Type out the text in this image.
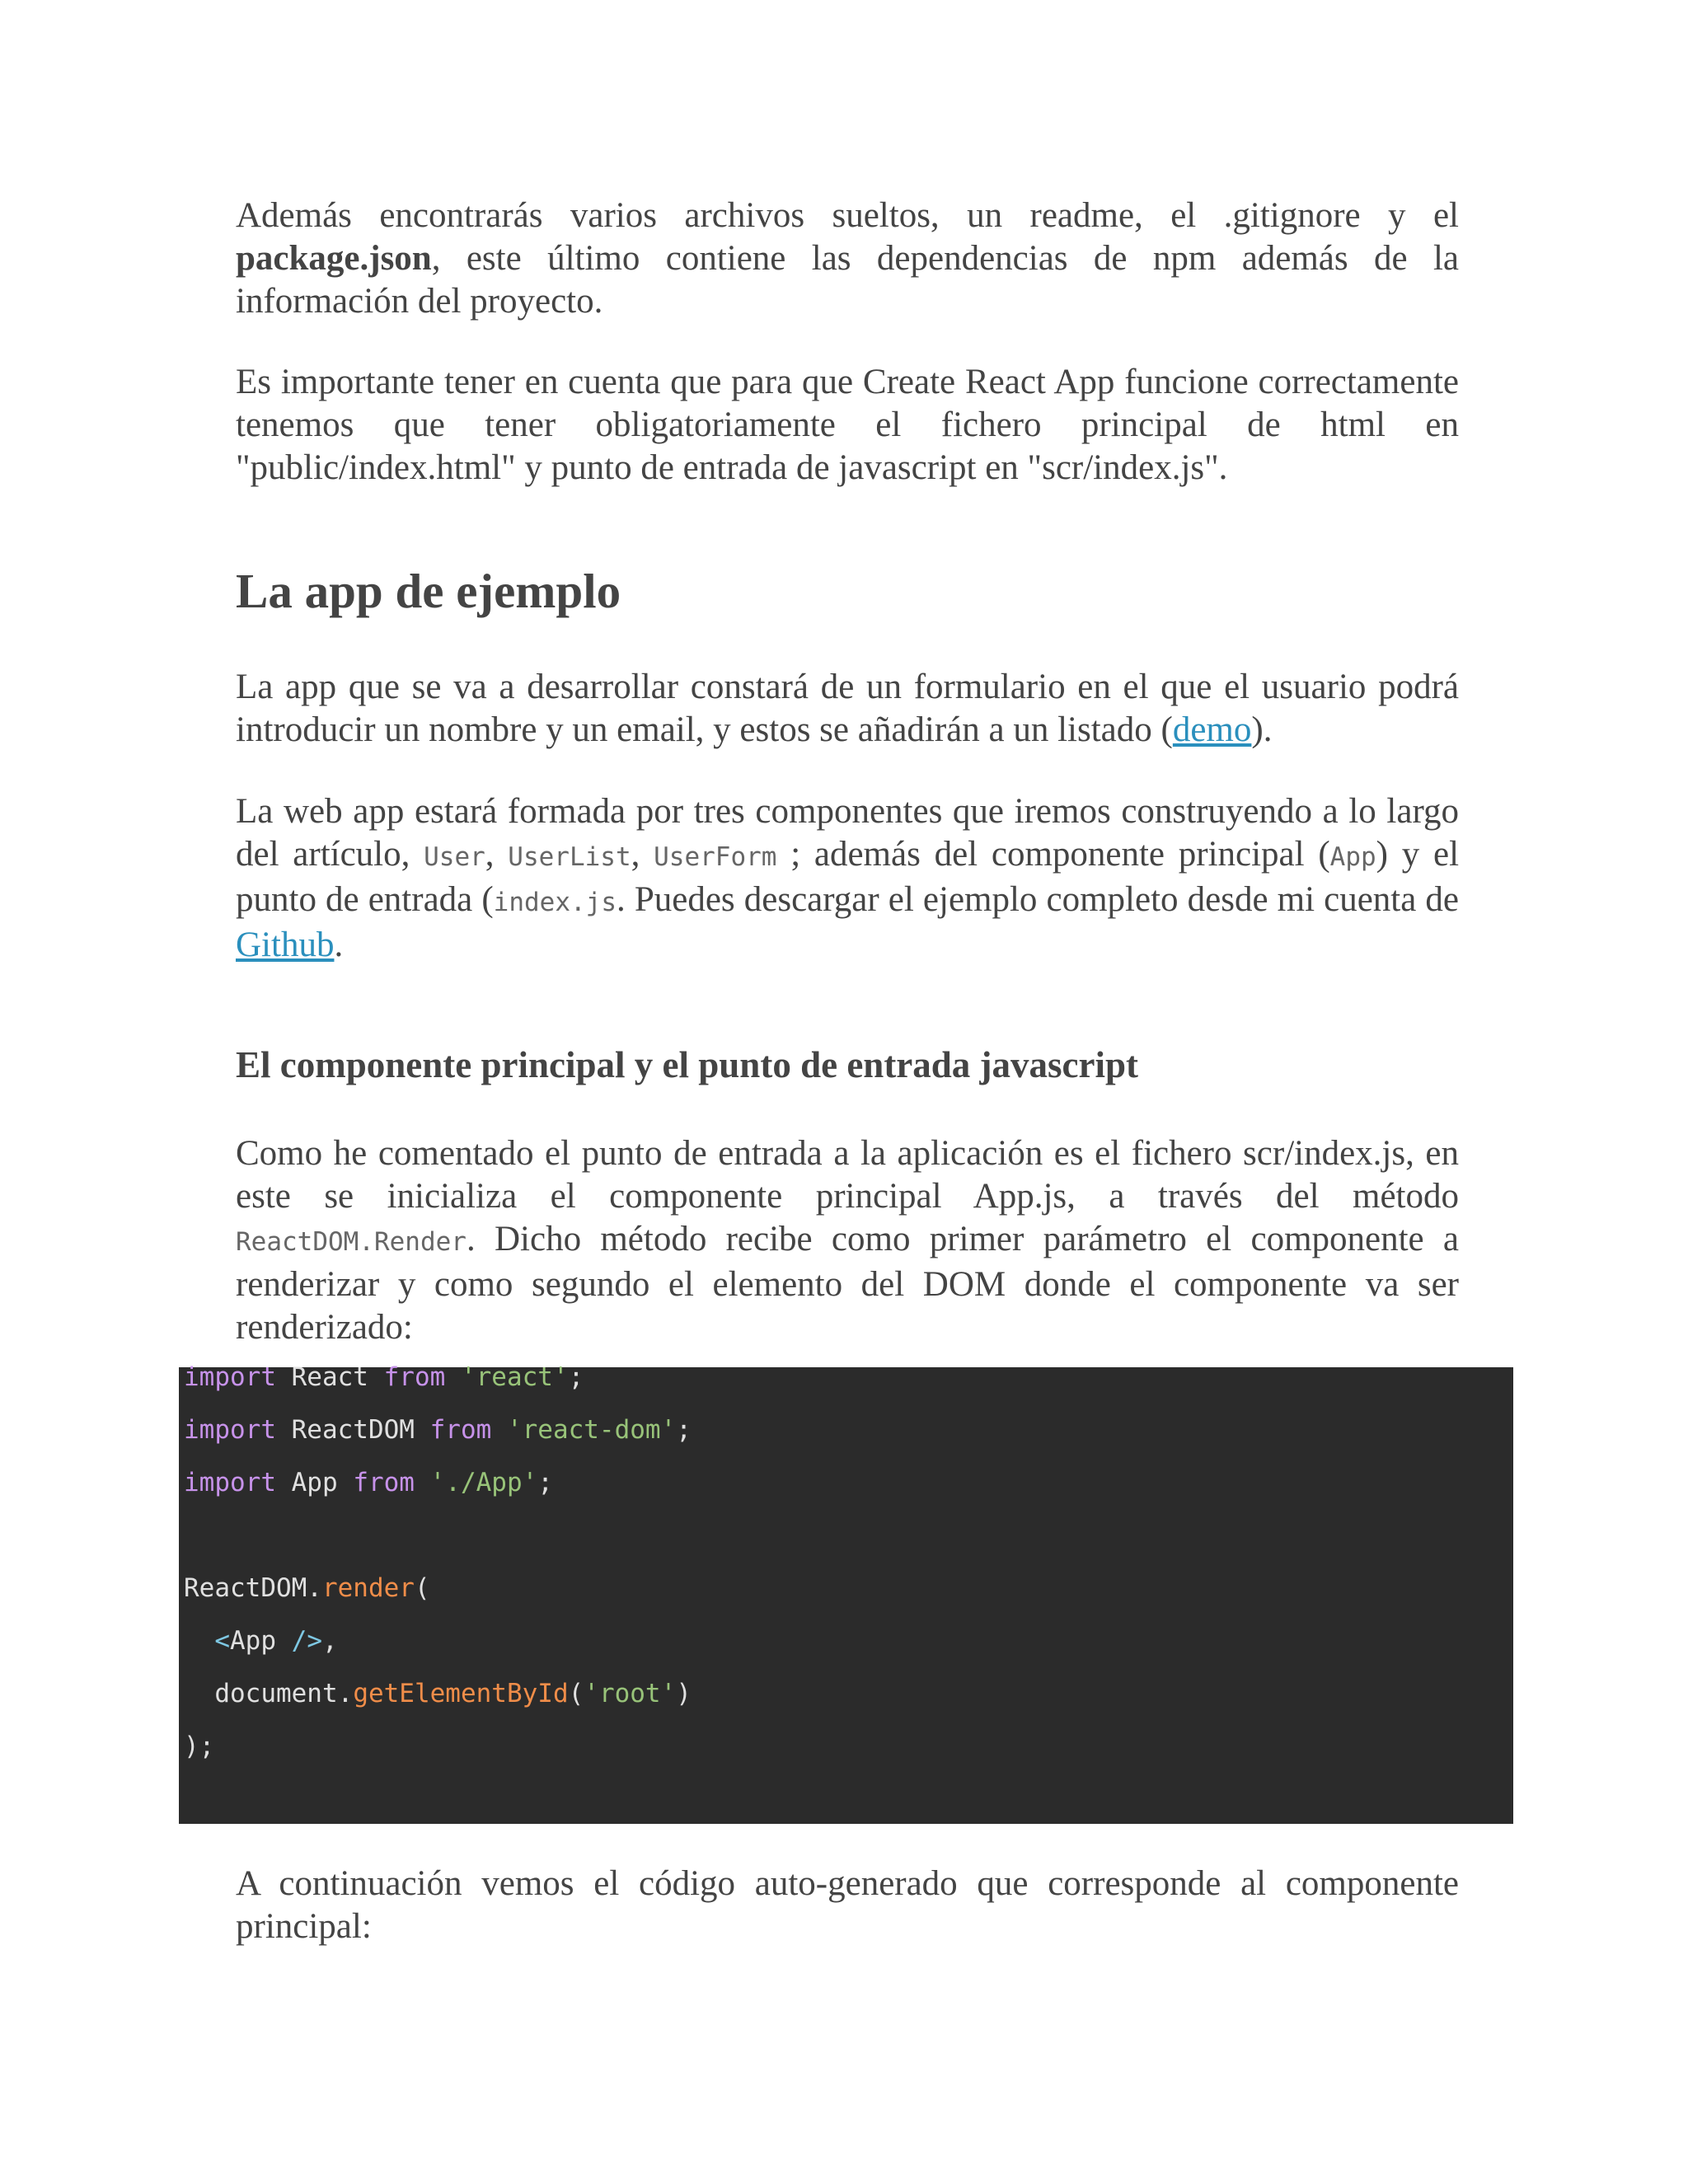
Además encontrarás varios archivos sueltos, un readme, el .gitignore y el package.json, este último contiene las dependencias de npm además de la información del proyecto.

Es importante tener en cuenta que para que Create React App funcione correctamente tenemos que tener obligatoriamente el fichero principal de html en "public/index.html" y punto de entrada de javascript en "scr/index.js".

La app de ejemplo

La app que se va a desarrollar constará de un formulario en el que el usuario podrá introducir un nombre y un email, y estos se añadirán a un listado (demo).

La web app estará formada por tres componentes que iremos construyendo a lo largo del artículo, User, UserList, UserForm ; además del componente principal (App) y el punto de entrada (index.js. Puedes descargar el ejemplo completo desde mi cuenta de Github.

El componente principal y el punto de entrada javascript

Como he comentado el punto de entrada a la aplicación es el fichero scr/index.js, en este se inicializa el componente principal App.js, a través del método ReactDOM.Render. Dicho método recibe como primer parámetro el componente a renderizar y como segundo el elemento del DOM donde el componente va ser renderizado:

import React from 'react';
import ReactDOM from 'react-dom';
import App from './App';
ReactDOM.render(
<App />,
document.getElementById('root')
);

A continuación vemos el código auto-generado que corresponde al componente principal:
